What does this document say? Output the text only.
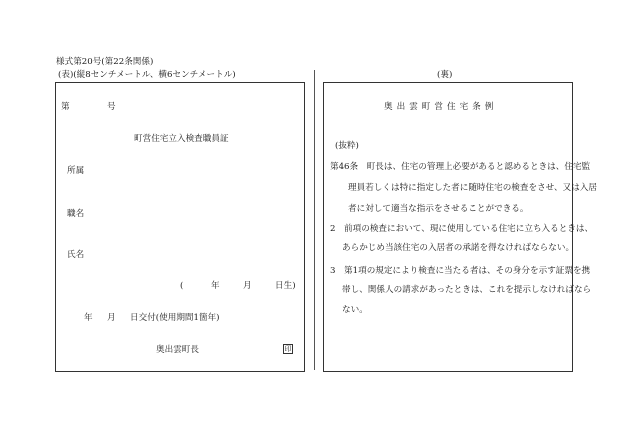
様式第20号(第22条関係)
(表)(縦8センチメートル、横6センチメートル)	(裏)
第	号
町営住宅立入検査職員証
所属
職名
氏名
(	年	月	日生)
年 月 日交付(使用期間1箇年)
奥出雲町長	印
奥出雲町営住宅条例
(抜粋)
第46条　町長は、住宅の管理上必要があると認めるときは、住宅監
理員若しくは特に指定した者に随時住宅の検査をさせ、又は入居
者に対して適当な指示をさせることができる。
2　前項の検査において、現に使用している住宅に立ち入るときは、
あらかじめ当該住宅の入居者の承諾を得なければならない。
3　第1項の規定により検査に当たる者は、その身分を示す証票を携
帯し、関係人の請求があったときは、これを提示しなければなら
ない。
